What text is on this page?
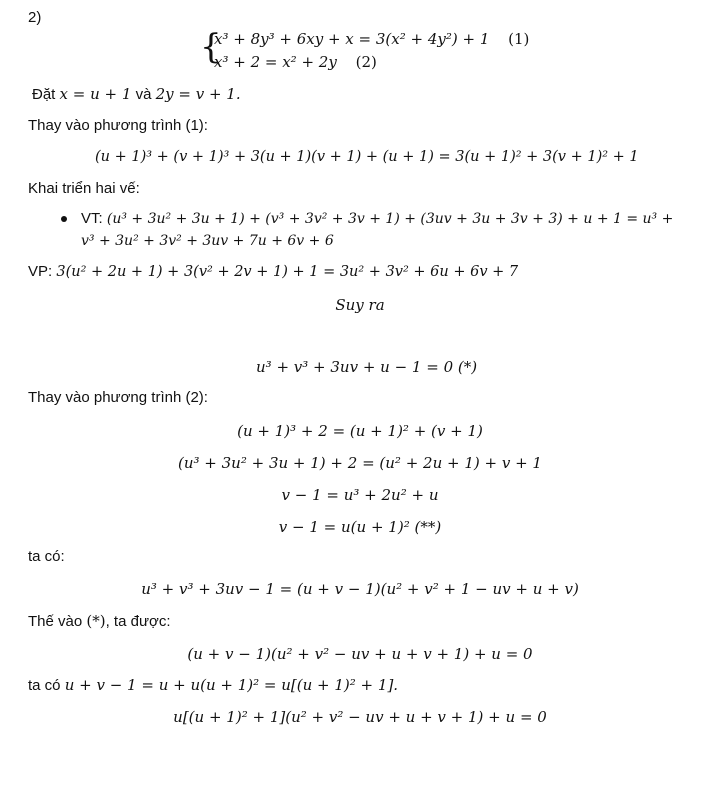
2)
{
x³ + 8y³ + 6xy + x = 3(x² + 4y²) + 1 (1)
x³ + 2 = x² + 2y (2)
Đặt x = u + 1 và 2y = v + 1.
Thay vào phương trình (1):
(u + 1)³ + (v + 1)³ + 3(u + 1)(v + 1) + (u + 1) = 3(u + 1)² + 3(v + 1)² + 1
Khai triển hai vế:
VT: (u³ + 3u² + 3u + 1) + (v³ + 3v² + 3v + 1) + (3uv + 3u + 3v + 3) + u + 1 = u³ +
v³ + 3u² + 3v² + 3uv + 7u + 6v + 6
VP: 3(u² + 2u + 1) + 3(v² + 2v + 1) + 1 = 3u² + 3v² + 6u + 6v + 7
Suy ra
u³ + v³ + 3uv + u − 1 = 0 (*)
Thay vào phương trình (2):
(u + 1)³ + 2 = (u + 1)² + (v + 1)
(u³ + 3u² + 3u + 1) + 2 = (u² + 2u + 1) + v + 1
v − 1 = u³ + 2u² + u
v − 1 = u(u + 1)² (**)
ta có:
u³ + v³ + 3uv − 1 = (u + v − 1)(u² + v² + 1 − uv + u + v)
Thế vào (*), ta được:
(u + v − 1)(u² + v² − uv + u + v + 1) + u = 0
ta có u + v − 1 = u + u(u + 1)² = u[(u + 1)² + 1].
u[(u + 1)² + 1](u² + v² − uv + u + v + 1) + u = 0
